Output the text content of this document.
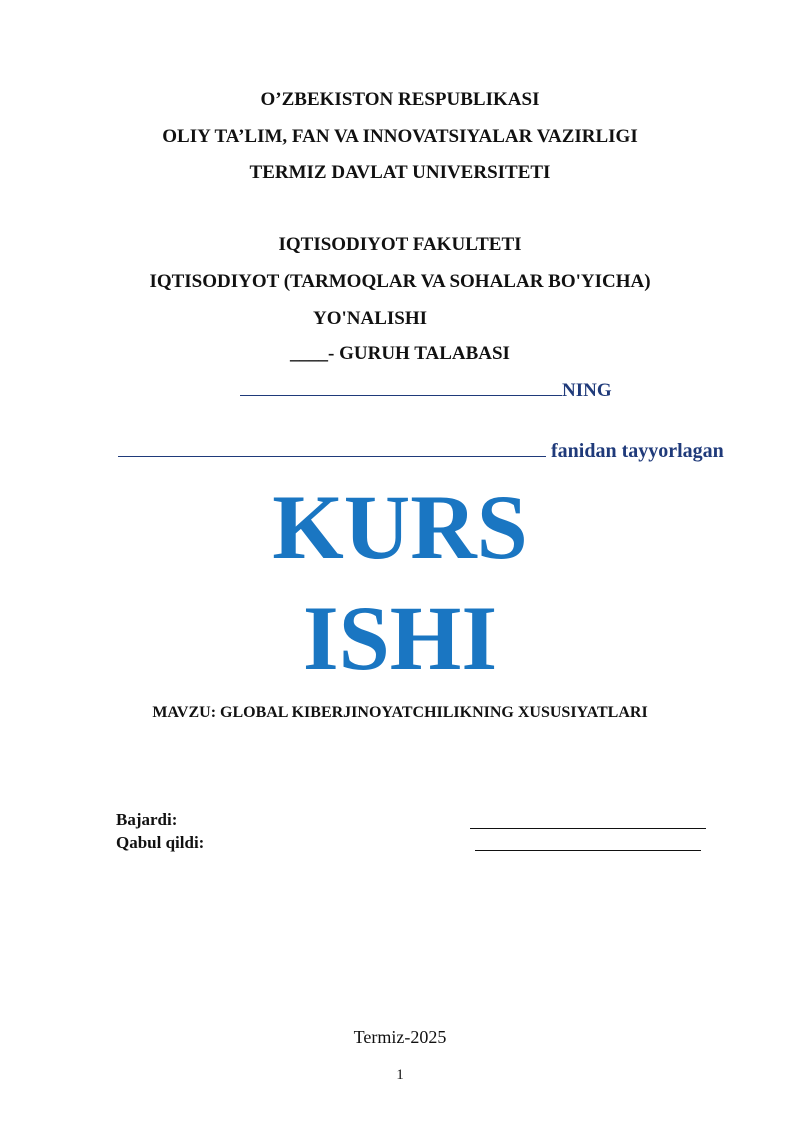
O’ZBEKISTON RESPUBLIKASI
OLIY TA’LIM, FAN VA INNOVATSIYALAR VAZIRLIGI
TERMIZ DAVLAT UNIVERSITETI
IQTISODIYOT FAKULTETI
IQTISODIYOT (TARMOQLAR VA SOHALAR BO'YICHA)
YO'NALISHI
____- GURUH TALABASI
NING
fanidan tayyorlagan
KURS
ISHI
MAVZU: GLOBAL KIBERJINOYATCHILIKNING XUSUSIYATLARI
Bajardi:
Qabul qildi:
Termiz-2025
1
